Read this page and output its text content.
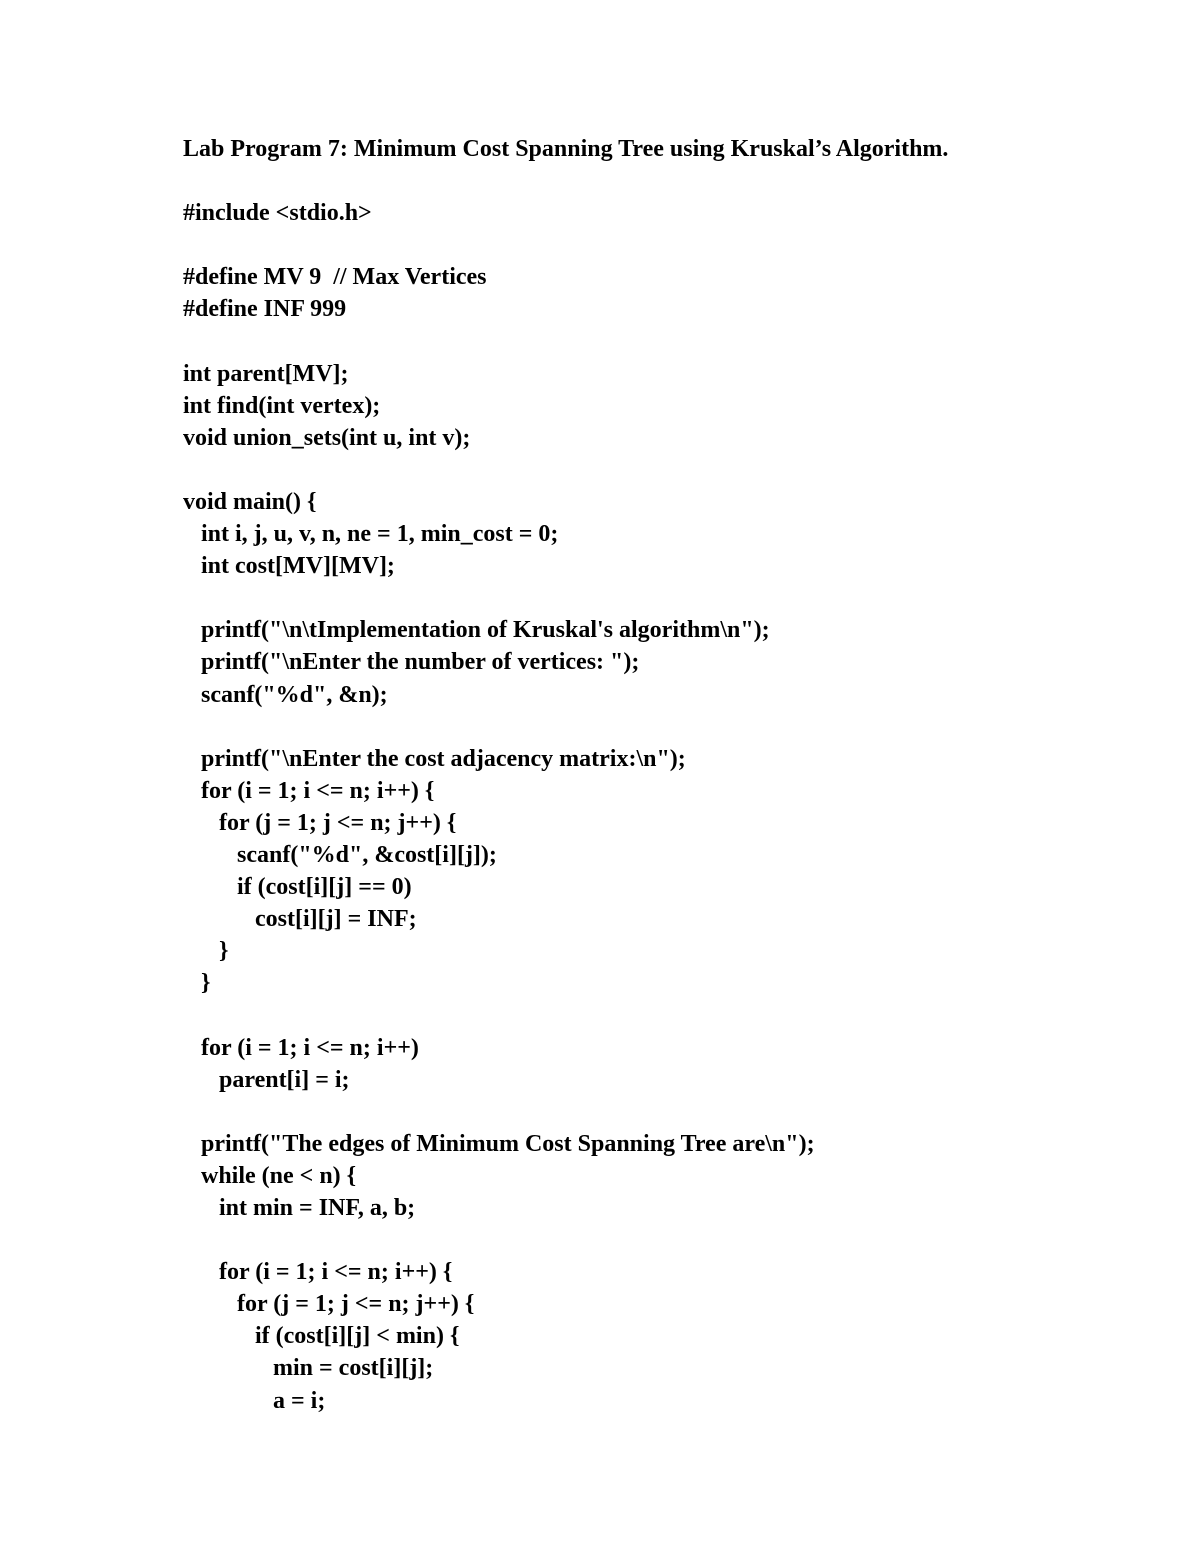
Lab Program 7: Minimum Cost Spanning Tree using Kruskal’s Algorithm.
#include <stdio.h>
#define MV 9  // Max Vertices
#define INF 999
int parent[MV];
int find(int vertex);
void union_sets(int u, int v);
void main() {
int i, j, u, v, n, ne = 1, min_cost = 0;
int cost[MV][MV];
printf("\n\tImplementation of Kruskal's algorithm\n");
printf("\nEnter the number of vertices: ");
scanf("%d", &n);
printf("\nEnter the cost adjacency matrix:\n");
for (i = 1; i <= n; i++) {
for (j = 1; j <= n; j++) {
scanf("%d", &cost[i][j]);
if (cost[i][j] == 0)
cost[i][j] = INF;
}
}
for (i = 1; i <= n; i++)
parent[i] = i;
printf("The edges of Minimum Cost Spanning Tree are\n");
while (ne < n) {
int min = INF, a, b;
for (i = 1; i <= n; i++) {
for (j = 1; j <= n; j++) {
if (cost[i][j] < min) {
min = cost[i][j];
a = i;
